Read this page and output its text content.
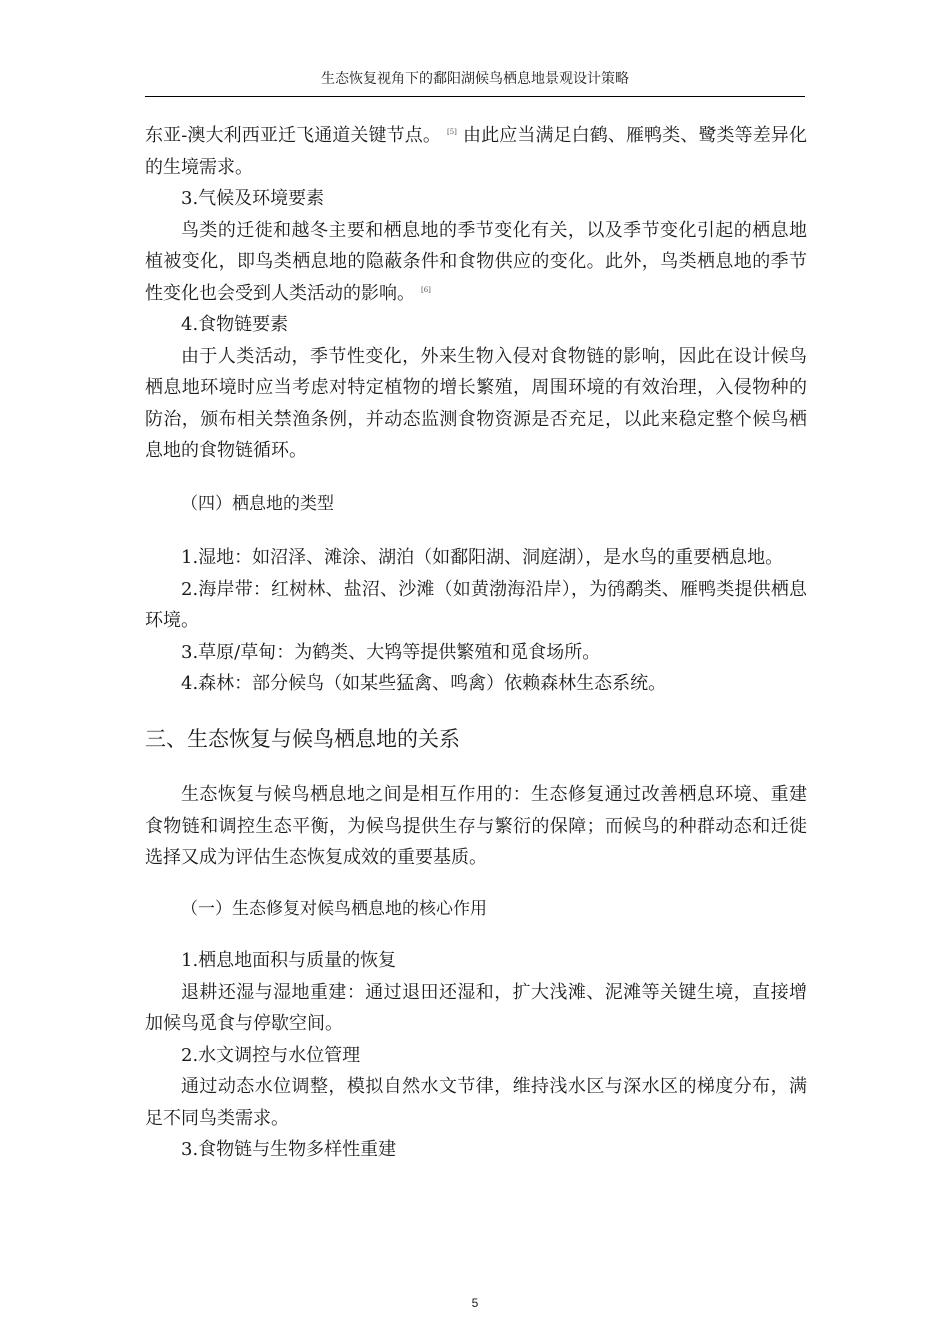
生态恢复视角下的鄱阳湖候鸟栖息地景观设计策略

东亚-澳大利西亚迁飞通道关键节点。 [5] 由此应当满足白鹤、雁鸭类、鹭类等差异化的生境需求。

3.气候及环境要素

鸟类的迁徙和越冬主要和栖息地的季节变化有关，以及季节变化引起的栖息地植被变化，即鸟类栖息地的隐蔽条件和食物供应的变化。此外，鸟类栖息地的季节性变化也会受到人类活动的影响。 [6]

4.食物链要素

由于人类活动，季节性变化，外来生物入侵对食物链的影响，因此在设计候鸟栖息地环境时应当考虑对特定植物的增长繁殖，周围环境的有效治理，入侵物种的防治，颁布相关禁渔条例，并动态监测食物资源是否充足，以此来稳定整个候鸟栖息地的食物链循环。

（四）栖息地的类型

1.湿地：如沼泽、滩涂、湖泊（如鄱阳湖、洞庭湖），是水鸟的重要栖息地。

2.海岸带：红树林、盐沼、沙滩（如黄渤海沿岸），为鸻鹬类、雁鸭类提供栖息环境。

3.草原/草甸：为鹤类、大鸨等提供繁殖和觅食场所。

4.森林：部分候鸟（如某些猛禽、鸣禽）依赖森林生态系统。

三、生态恢复与候鸟栖息地的关系

生态恢复与候鸟栖息地之间是相互作用的：生态修复通过改善栖息环境、重建食物链和调控生态平衡，为候鸟提供生存与繁衍的保障；而候鸟的种群动态和迁徙选择又成为评估生态恢复成效的重要基质。

（一）生态修复对候鸟栖息地的核心作用

1.栖息地面积与质量的恢复

退耕还湿与湿地重建：通过退田还湿和，扩大浅滩、泥滩等关键生境，直接增加候鸟觅食与停歇空间。

2.水文调控与水位管理

通过动态水位调整，模拟自然水文节律，维持浅水区与深水区的梯度分布，满足不同鸟类需求。

3.食物链与生物多样性重建

5
